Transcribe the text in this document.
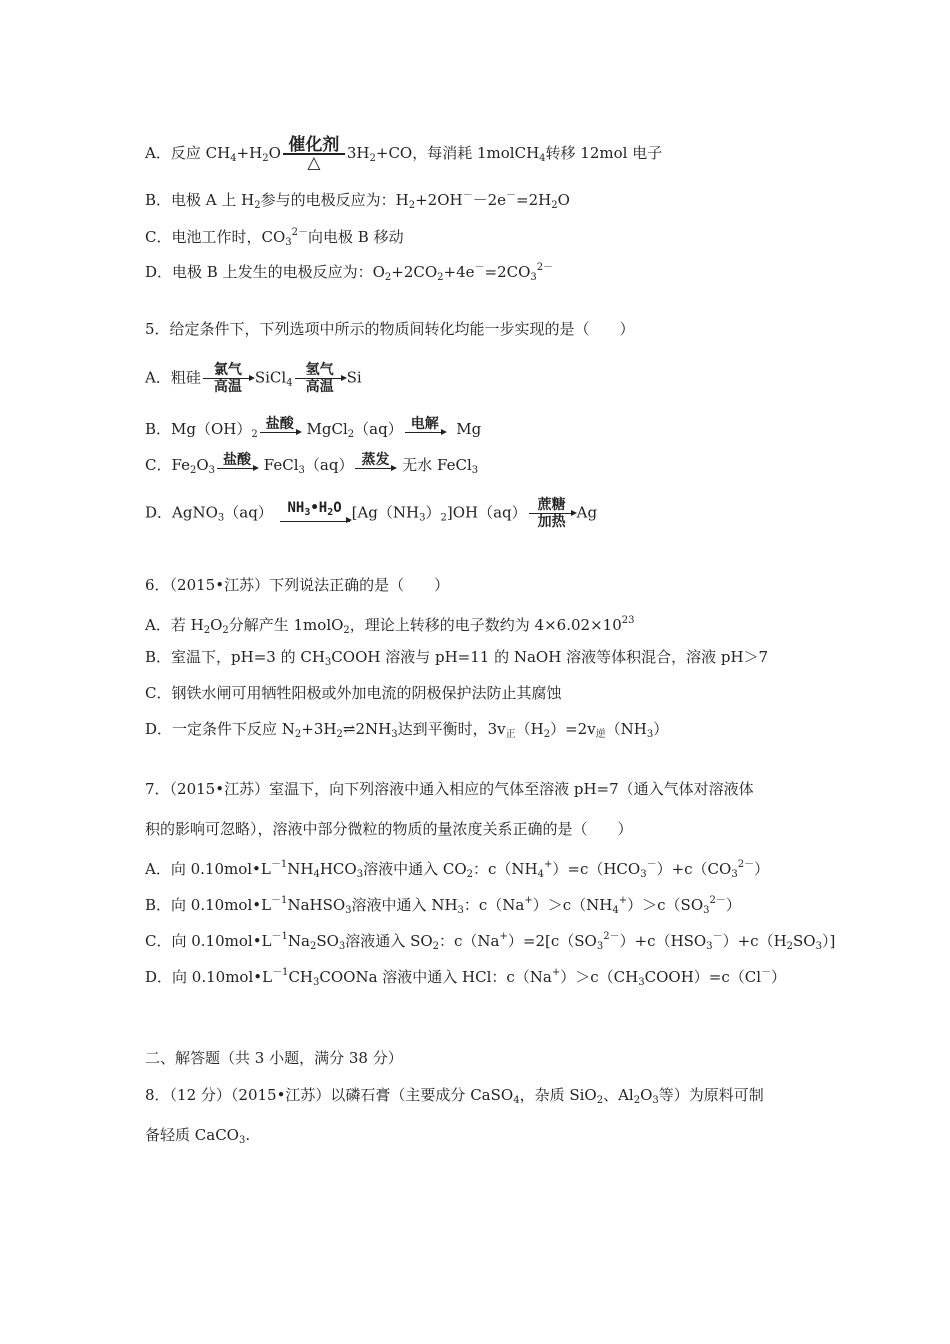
A．反应 $CH_4+H_2O$ 催化剂
△	$3H_2+CO$，每消耗 1molCH$_4$转移 12mol 电子
B．电极 A 上 $H_2$参与的电极反应为：$H_2+2OH^--2e^-=2H_2O$
C．电池工作时，$CO_3^{2-}$向电极 B 移动
D．电极 B 上发生的电极反应为：$O_2+2CO_2+4e^-=2CO_3^{2-}$
5．给定条件下，下列选项中所示的物质间转化均能一步实现的是（　　）
A．粗硅 氯气
高温
SiCl$_4$
氢气
高温
Si
B．$Mg(OH)_2$
盐酸 MgCl$_2$（aq） 电解	Mg
C．$Fe_2O_3$
盐酸 FeCl$_3$（aq） 蒸发 无水 FeCl$_3$
D．AgNO$_3$（aq）	$NH_3•H_2O$ $[Ag(NH_3)_2]OH(aq)$ 蔗糖
加热
Ag
6．（2015•江苏）下列说法正确的是（　　）
A．若 $H_2O_2$分解产生 1molO$_2$，理论上转移的电子数约为 $4\times 6.02\times 10^{23}$
B．室温下，pH=3 的 $CH_3COOH$ 溶液与 pH=11 的 NaOH 溶液等体积混合，溶液 pH＞7
C．钢铁水闸可用牺牲阳极或外加电流的阴极保护法防止其腐蚀
D．一定条件下反应 $N_2+3H_2\rightleftharpoons 2NH_3$达到平衡时，$3v_正(H_2)=2v_逆(NH_3)$
7．（2015•江苏）室温下，向下列溶液中通入相应的气体至溶液 pH=7（通入气体对溶液体
积的影响可忽略），溶液中部分微粒的物质的量浓度关系正确的是（　　）
A．向 $0.10mol•L^{-1}NH_4HCO_3$溶液中通入 $CO_2$：$c(NH_4^+)=c(HCO_3^-)+c(CO_3^{2-})$
B．向 $0.10mol•L^{-1}NaHSO_3$溶液中通入 $NH_3$：$c(Na^+)>c(NH_4^+)>c(SO_3^{2-})$
C．向 $0.10mol•L^{-1}Na_2SO_3$溶液通入 $SO_2$：$c(Na^+)=2[c(SO_3^{2-})+c(HSO_3^-)+c(H_2SO_3)]$
D．向 $0.10mol•L^{-1}CH_3COONa$ 溶液中通入 HCl：$c(Na^+)>c(CH_3COOH)=c(Cl^-)$
二、解答题（共 3 小题，满分 38 分）
8．（12 分）（2015•江苏）以磷石膏（主要成分 CaSO$_4$，杂质 SiO$_2$、$Al_2O_3$等）为原料可制
备轻质 CaCO$_3$.
